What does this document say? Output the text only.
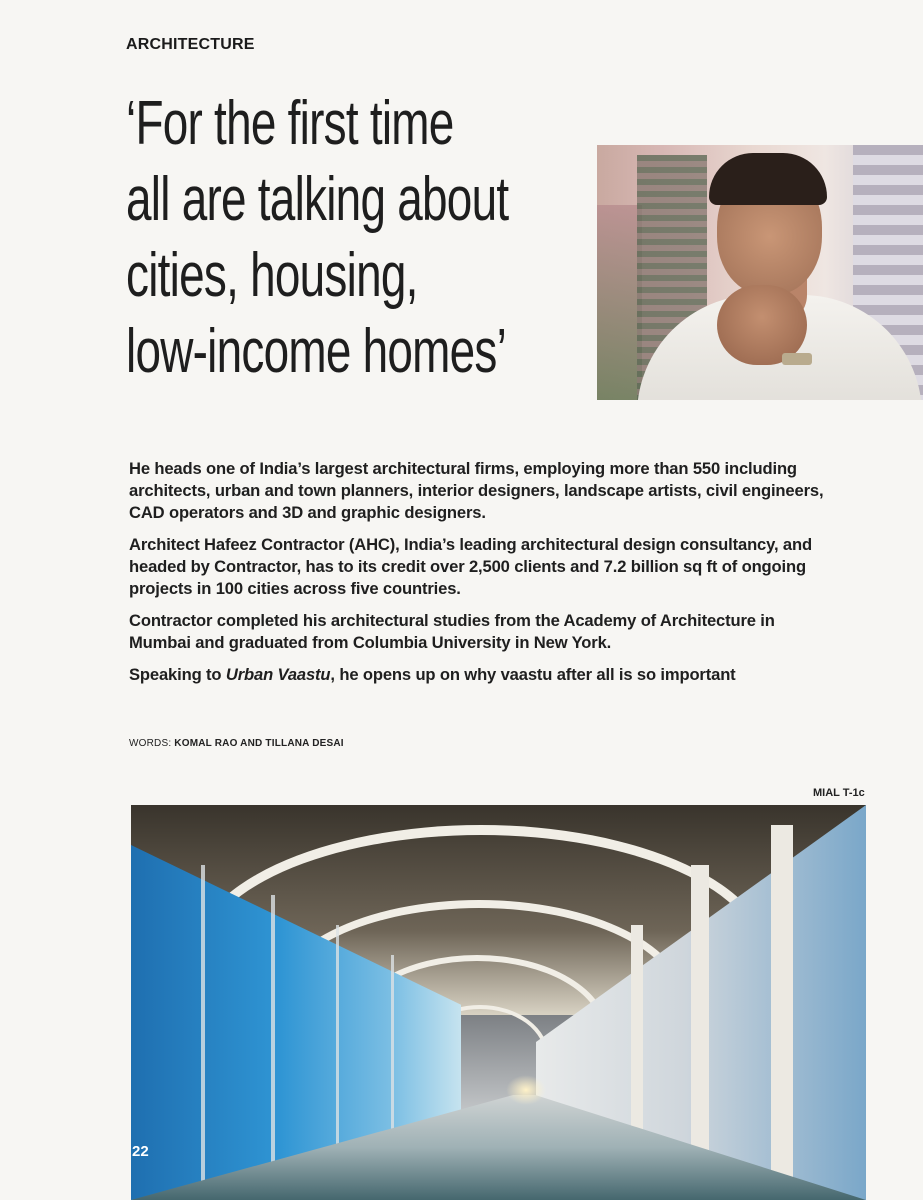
ARCHITECTURE
‘For the first time
all are talking about
cities, housing,
low-income homes’

He heads one of India’s largest architectural firms, employing more than 550 including architects, urban and town planners, interior designers, landscape artists, civil engineers, CAD operators and 3D and graphic designers.

Architect Hafeez Contractor (AHC), India’s leading architectural design consultancy, and headed by Contractor, has to its credit over 2,500 clients and 7.2 billion sq ft of ongoing projects in 100 cities across five countries.

Contractor completed his architectural studies from the Academy of Architecture in Mumbai and graduated from Columbia University in New York.

Speaking to Urban Vaastu, he opens up on why vaastu after all is so important

WORDS: KOMAL RAO AND TILLANA DESAI
MIAL T-1c
22
